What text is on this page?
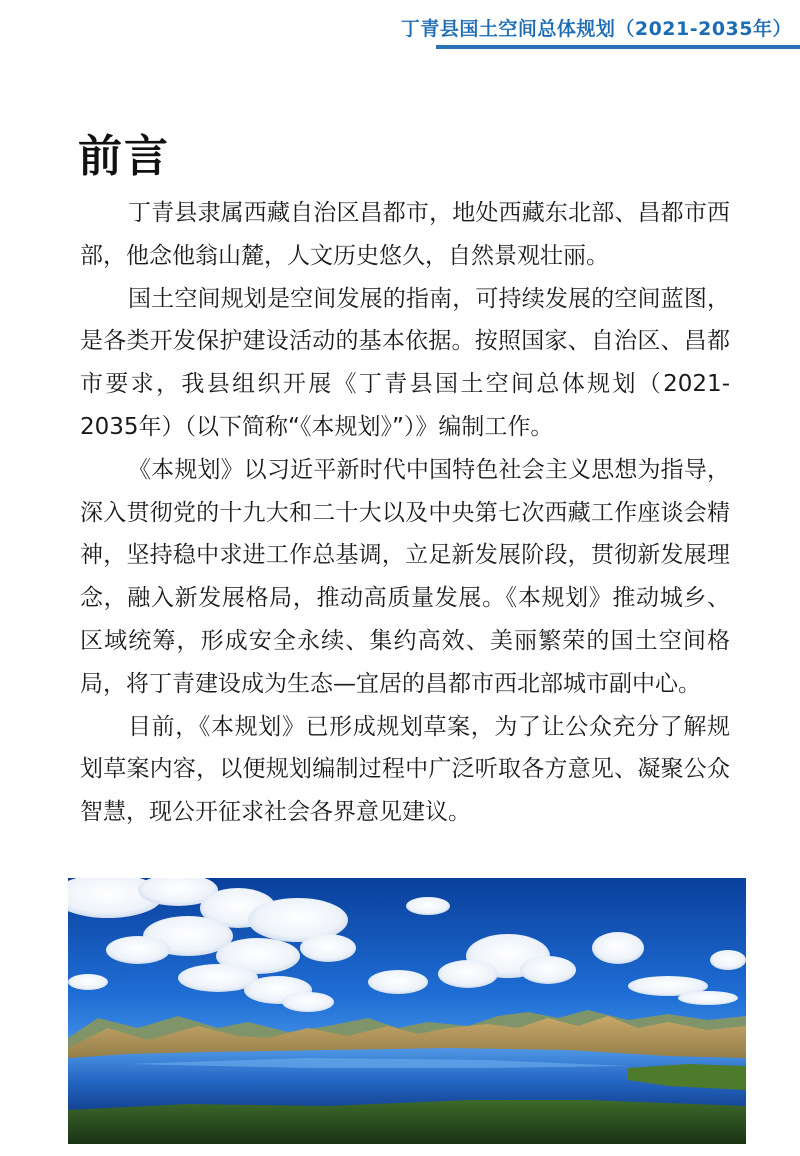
丁青县国土空间总体规划（2021-2035年）
前言

丁青县隶属西藏自治区昌都市，地处西藏东北部、昌都市西部，他念他翁山麓，人文历史悠久，自然景观壮丽。

国土空间规划是空间发展的指南，可持续发展的空间蓝图，是各类开发保护建设活动的基本依据。按照国家、自治区、昌都市要求，我县组织开展《丁青县国土空间总体规划（2021-2035年）（以下简称“《本规划》”）》编制工作。

《本规划》以习近平新时代中国特色社会主义思想为指导，深入贯彻党的十九大和二十大以及中央第七次西藏工作座谈会精神，坚持稳中求进工作总基调，立足新发展阶段，贯彻新发展理念，融入新发展格局，推动高质量发展。《本规划》推动城乡、区域统筹，形成安全永续、集约高效、美丽繁荣的国土空间格局，将丁青建设成为生态—宜居的昌都市西北部城市副中心。

目前，《本规划》已形成规划草案，为了让公众充分了解规划草案内容，以便规划编制过程中广泛听取各方意见、凝聚公众智慧，现公开征求社会各界意见建议。
